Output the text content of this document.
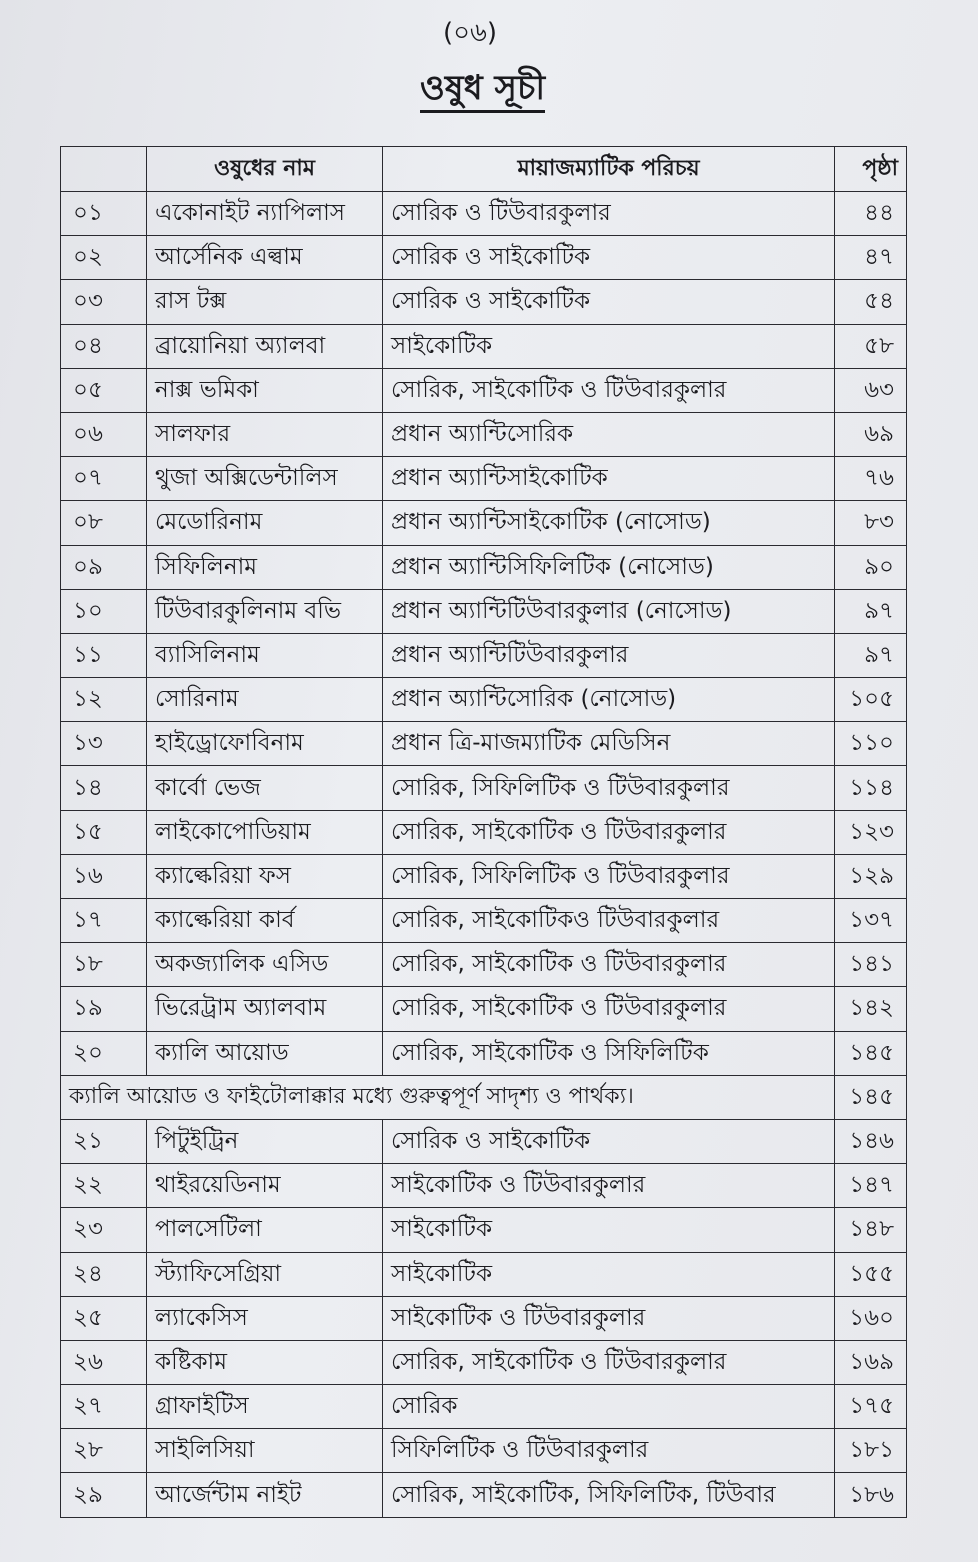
(০৬)
ওষুধ সূচী
	ওষুধের নাম	মায়াজম্যাটিক পরিচয়	পৃষ্ঠা
০১	একোনাইট ন্যাপিলাস	সোরিক ও টিউবারকুলার	৪৪
০২	আর্সেনিক এল্বাম	সোরিক ও সাইকোটিক	৪৭
০৩	রাস টক্স	সোরিক ও সাইকোটিক	৫৪
০৪	ব্রায়োনিয়া অ্যালবা	সাইকোটিক	৫৮
০৫	নাক্স ভমিকা	সোরিক, সাইকোটিক ও টিউবারকুলার	৬৩
০৬	সালফার	প্রধান অ্যান্টিসোরিক	৬৯
০৭	থুজা অক্সিডেন্টালিস	প্রধান অ্যান্টিসাইকোটিক	৭৬
০৮	মেডোরিনাম	প্রধান অ্যান্টিসাইকোটিক (নোসোড)	৮৩
০৯	সিফিলিনাম	প্রধান অ্যান্টিসিফিলিটিক (নোসোড)	৯০
১০	টিউবারকুলিনাম বভি	প্রধান অ্যান্টিটিউবারকুলার (নোসোড)	৯৭
১১	ব্যাসিলিনাম	প্রধান অ্যান্টিটিউবারকুলার	৯৭
১২	সোরিনাম	প্রধান অ্যান্টিসোরিক (নোসোড)	১০৫
১৩	হাইড্রোফোবিনাম	প্রধান ত্রি-মাজম্যাটিক মেডিসিন	১১০
১৪	কার্বো ভেজ	সোরিক, সিফিলিটিক ও টিউবারকুলার	১১৪
১৫	লাইকোপোডিয়াম	সোরিক, সাইকোটিক ও টিউবারকুলার	১২৩
১৬	ক্যাল্কেরিয়া ফস	সোরিক, সিফিলিটিক ও টিউবারকুলার	১২৯
১৭	ক্যাল্কেরিয়া কার্ব	সোরিক, সাইকোটিকও টিউবারকুলার	১৩৭
১৮	অকজ্যালিক এসিড	সোরিক, সাইকোটিক ও টিউবারকুলার	১৪১
১৯	ভিরেট্রাম অ্যালবাম	সোরিক, সাইকোটিক ও টিউবারকুলার	১৪২
২০	ক্যালি আয়োড	সোরিক, সাইকোটিক ও সিফিলিটিক	১৪৫
ক্যালি আয়োড ও ফাইটোলাক্কার মধ্যে গুরুত্বপূর্ণ সাদৃশ্য ও পার্থক্য।			১৪৫
২১	পিটুইট্রিন	সোরিক ও সাইকোটিক	১৪৬
২২	থাইরয়েডিনাম	সাইকোটিক ও টিউবারকুলার	১৪৭
২৩	পালসেটিলা	সাইকোটিক	১৪৮
২৪	স্ট্যাফিসেগ্রিয়া	সাইকোটিক	১৫৫
২৫	ল্যাকেসিস	সাইকোটিক ও টিউবারকুলার	১৬০
২৬	কষ্টিকাম	সোরিক, সাইকোটিক ও টিউবারকুলার	১৬৯
২৭	গ্রাফাইটিস	সোরিক	১৭৫
২৮	সাইলিসিয়া	সিফিলিটিক ও টিউবারকুলার	১৮১
২৯	আর্জেন্টাম নাইট	সোরিক, সাইকোটিক, সিফিলিটিক, টিউবার	১৮৬
